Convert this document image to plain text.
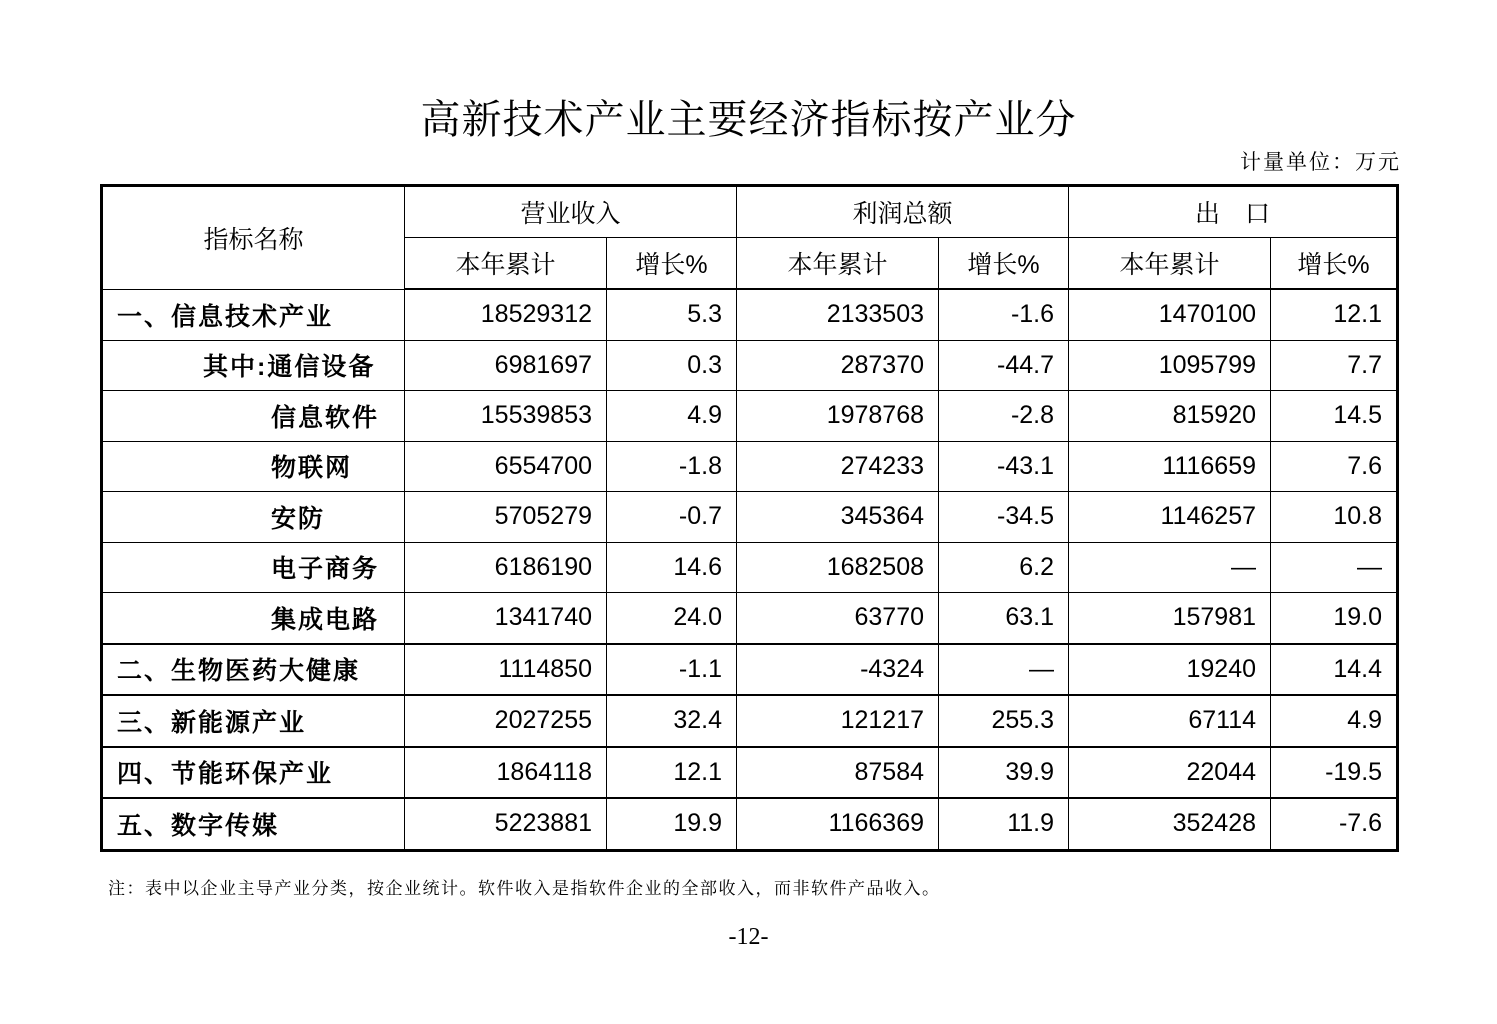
高新技术产业主要经济指标按产业分
计量单位：万元
指标名称	营业收入		利润总额		出　口	
	本年累计	增长%	本年累计	增长%	本年累计	增长%
一、信息技术产业	18529312	5.3	2133503	-1.6	1470100	12.1
其中:通信设备	6981697	0.3	287370	-44.7	1095799	7.7
信息软件	15539853	4.9	1978768	-2.8	815920	14.5
物联网	6554700	-1.8	274233	-43.1	1116659	7.6
安防	5705279	-0.7	345364	-34.5	1146257	10.8
电子商务	6186190	14.6	1682508	6.2	—	—
集成电路	1341740	24.0	63770	63.1	157981	19.0
二、生物医药大健康	1114850	-1.1	-4324	—	19240	14.4
三、新能源产业	2027255	32.4	121217	255.3	67114	4.9
四、节能环保产业	1864118	12.1	87584	39.9	22044	-19.5
五、数字传媒	5223881	19.9	1166369	11.9	352428	-7.6
注：表中以企业主导产业分类，按企业统计。软件收入是指软件企业的全部收入，而非软件产品收入。
-12-
